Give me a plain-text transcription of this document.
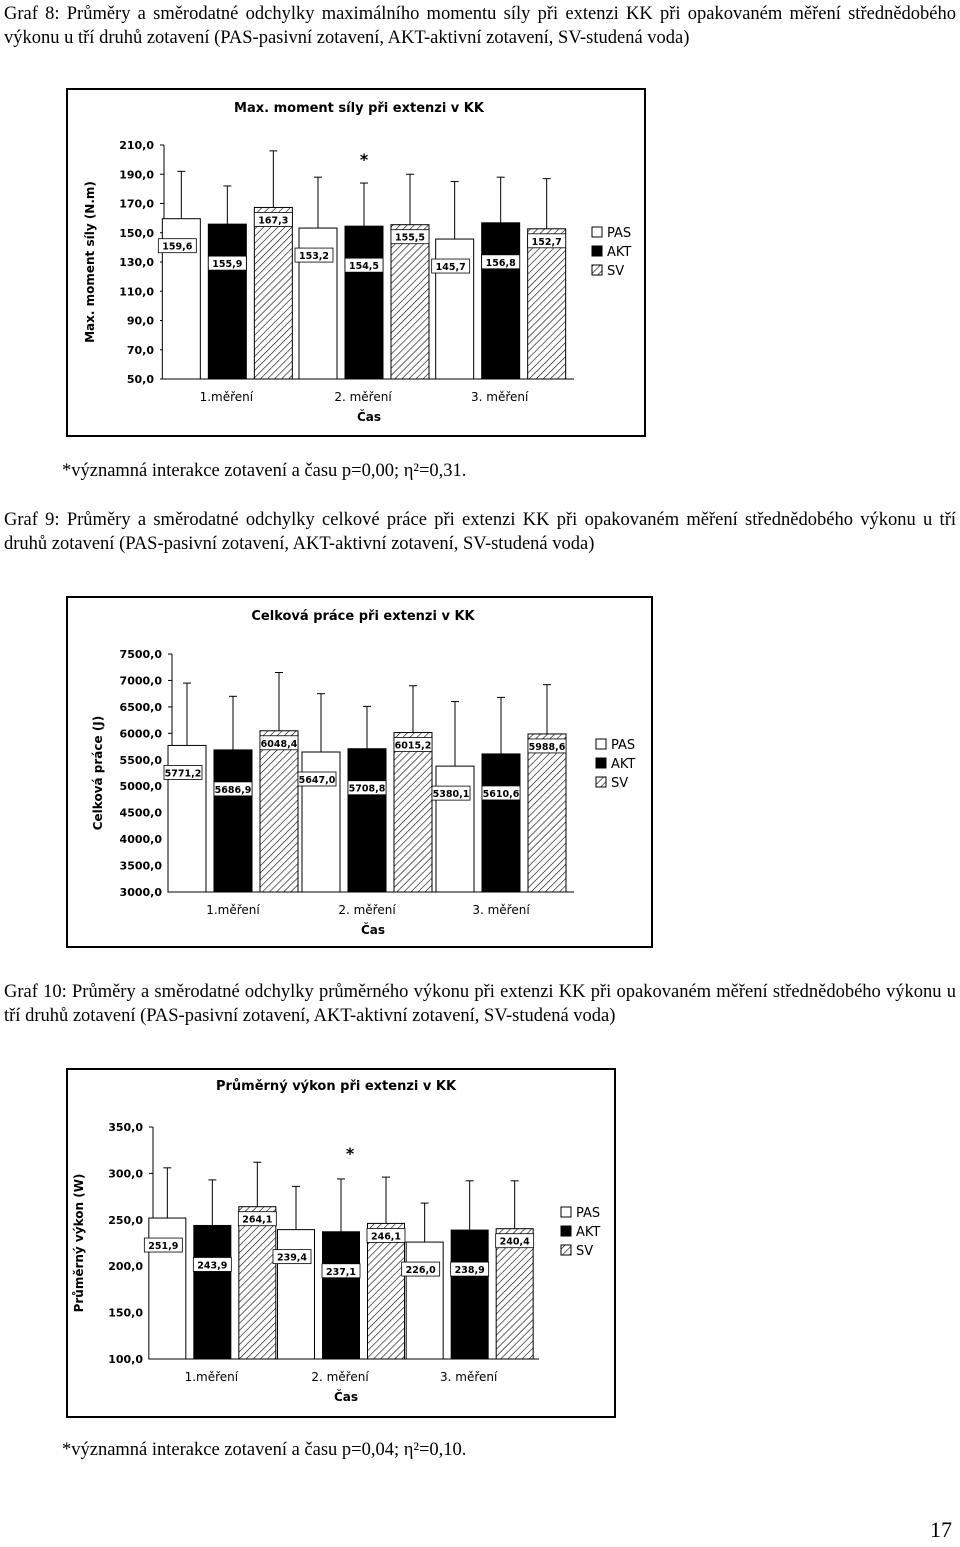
Graf 8: Průměry a směrodatné odchylky maximálního momentu síly při extenzi KK při opakovaném měření střednědobého výkonu u tří druhů zotavení (PAS-pasivní zotavení, AKT-aktivní zotavení, SV-studená voda)

Max. moment síly při extenzi v KK
50,0
70,0
90,0
110,0
130,0
150,0
170,0
190,0
210,0
Max. moment síly (N.m)	159,6
155,9
167,3
1.měření
153,2
154,5
155,5
2. měření
145,7 156,8
152,7
3. měření
Čas
*
PAS
AKT
SV

*významná interakce zotavení a času p=0,00; η²=0,31.

Graf 9: Průměry a směrodatné odchylky celkové práce při extenzi KK při opakovaném měření střednědobého výkonu u tří druhů zotavení (PAS-pasivní zotavení, AKT-aktivní zotavení, SV-studená voda)

Celková práce při extenzi v KK
3000,0
3500,0
4000,0
4500,0
5000,0
5500,0
6000,0
6500,0
7000,0
7500,0
Celková práce (J)	5771,2
5686,9
6048,4
1.měření
5647,0
5708,8
6015,2
2. měření
5380,1 5610,6
5988,6
3. měření
Čas
PAS
AKT
SV

Graf 10: Průměry a směrodatné odchylky průměrného výkonu při extenzi KK při opakovaném měření střednědobého výkonu u tří druhů zotavení (PAS-pasivní zotavení, AKT-aktivní zotavení, SV-studená voda)

Průměrný výkon při extenzi v KK
100,0
150,0
200,0
250,0
300,0
350,0
Průměrný výkon (W)	251,9
243,9
264,1
1.měření
239,4
237,1
246,1
2. měření
226,0 238,9
240,4
3. měření
Čas
*
PAS
AKT
SV

*významná interakce zotavení a času p=0,04; η²=0,10.

17
